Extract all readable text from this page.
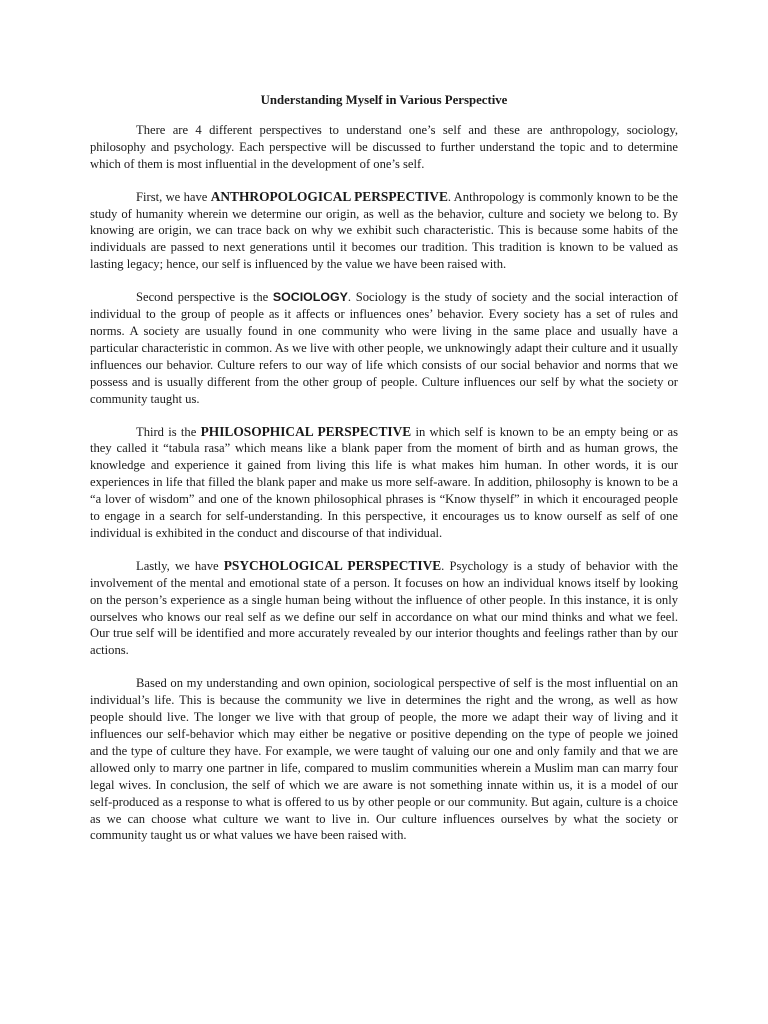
Understanding Myself in Various Perspective

There are 4 different perspectives to understand one’s self and these are anthropology, sociology, philosophy and psychology. Each perspective will be discussed to further understand the topic and to determine which of them is most influential in the development of one’s self.

First, we have ANTHROPOLOGICAL PERSPECTIVE. Anthropology is commonly known to be the study of humanity wherein we determine our origin, as well as the behavior, culture and society we belong to. By knowing are origin, we can trace back on why we exhibit such characteristic. This is because some habits of the individuals are passed to next generations until it becomes our tradition. This tradition is known to be valued as lasting legacy; hence, our self is influenced by the value we have been raised with.

Second perspective is the SOCIOLOGY. Sociology is the study of society and the social interaction of individual to the group of people as it affects or influences ones’ behavior. Every society has a set of rules and norms. A society are usually found in one community who were living in the same place and usually have a particular characteristic in common. As we live with other people, we unknowingly adapt their culture and it usually influences our behavior. Culture refers to our way of life which consists of our social behavior and norms that we possess and is usually different from the other group of people. Culture influences our self by what the society or community taught us.

Third is the PHILOSOPHICAL PERSPECTIVE in which self is known to be an empty being or as they called it “tabula rasa” which means like a blank paper from the moment of birth and as human grows, the knowledge and experience it gained from living this life is what makes him human. In other words, it is our experiences in life that filled the blank paper and make us more self-aware. In addition, philosophy is known to be a “a lover of wisdom” and one of the known philosophical phrases is “Know thyself” in which it encouraged people to engage in a search for self-understanding. In this perspective, it encourages us to know ourself as self of one individual is exhibited in the conduct and discourse of that individual.

Lastly, we have PSYCHOLOGICAL PERSPECTIVE. Psychology is a study of behavior with the involvement of the mental and emotional state of a person. It focuses on how an individual knows itself by looking on the person’s experience as a single human being without the influence of other people. In this instance, it is only ourselves who knows our real self as we define our self in accordance on what our mind thinks and what we feel. Our true self will be identified and more accurately revealed by our interior thoughts and feelings rather than by our actions.

Based on my understanding and own opinion, sociological perspective of self is the most influential on an individual’s life. This is because the community we live in determines the right and the wrong, as well as how people should live. The longer we live with that group of people, the more we adapt their way of living and it influences our self-behavior which may either be negative or positive depending on the type of people we joined and the type of culture they have. For example, we were taught of valuing our one and only family and that we are allowed only to marry one partner in life, compared to muslim communities wherein a Muslim man can marry four legal wives. In conclusion, the self of which we are aware is not something innate within us, it is a model of our self-produced as a response to what is offered to us by other people or our community. But again, culture is a choice as we can choose what culture we want to live in. Our culture influences ourselves by what the society or community taught us or what values we have been raised with.
